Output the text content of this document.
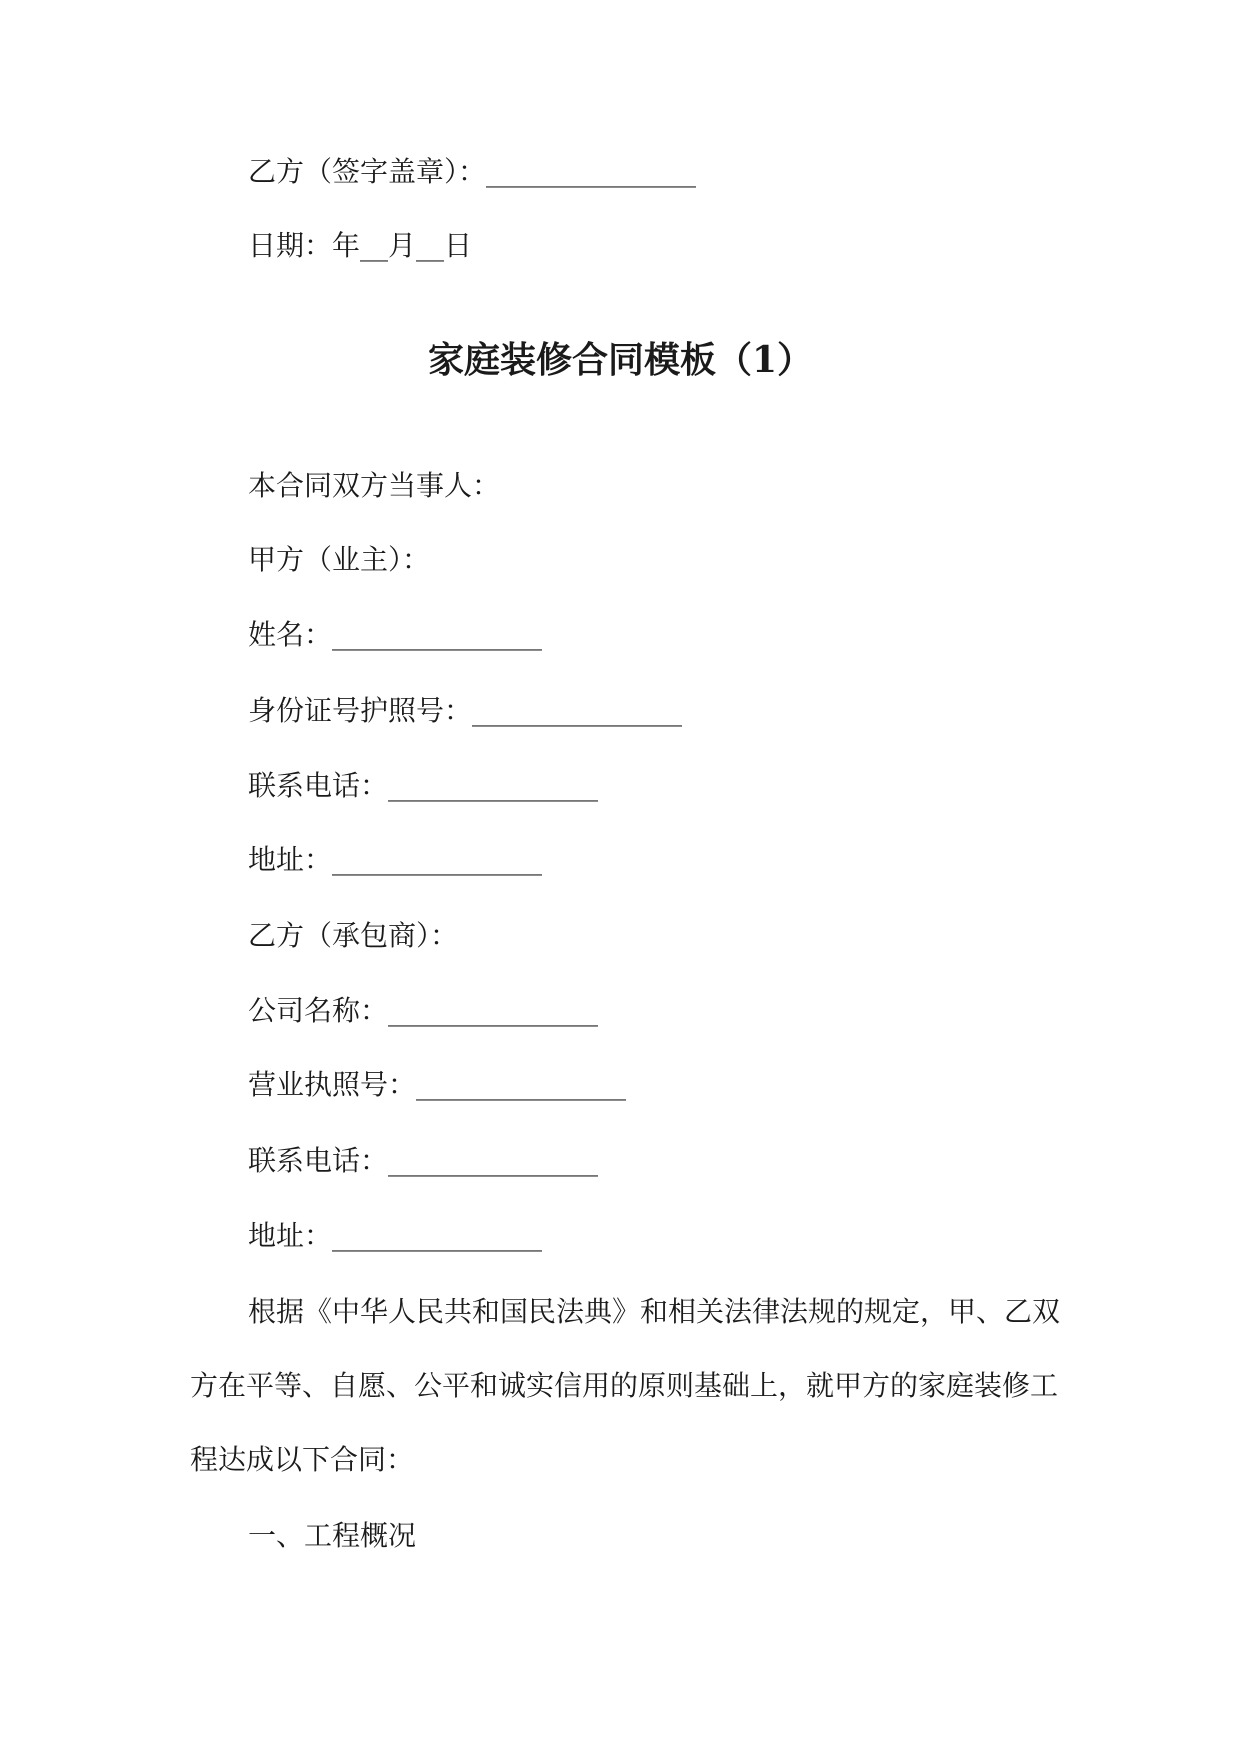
乙方（签字盖章）：_______________
日期：年__月__日
家庭装修合同模板（1）
本合同双方当事人：
甲方（业主）：
姓名：_______________
身份证号护照号：_______________
联系电话：_______________
地址：_______________
乙方（承包商）：
公司名称：_______________
营业执照号：_______________
联系电话：_______________
地址：_______________
根据《中华人民共和国民法典》和相关法律法规的规定，甲、乙双方在平等、自愿、公平和诚实信用的原则基础上，就甲方的家庭装修工程达成以下合同：
一、工程概况
